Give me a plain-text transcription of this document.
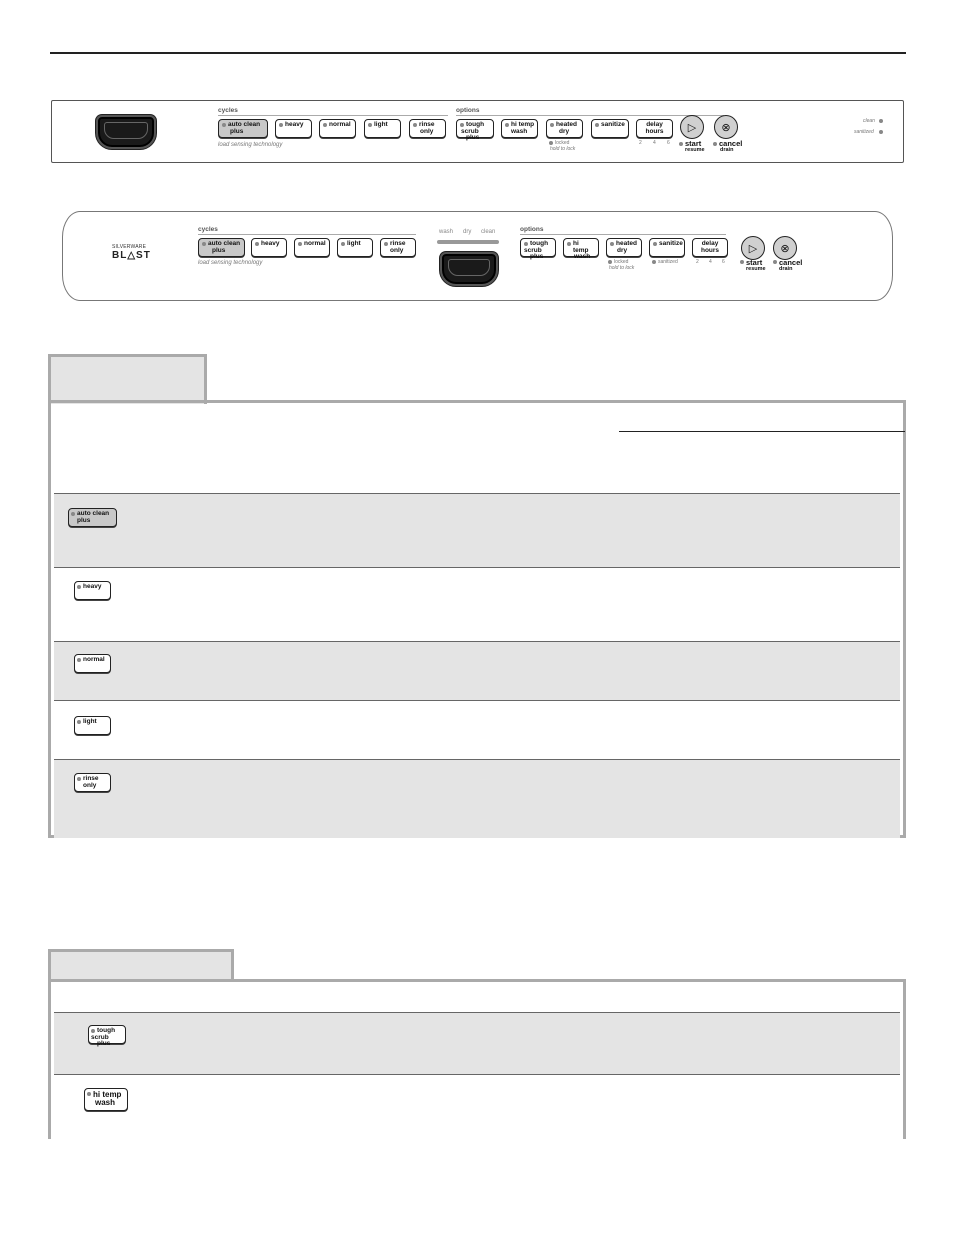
cycles	options
auto clean
plus
heavy	normal	light	rinse
only
load sensing technology
tough
scrub plus
hi temp
wash
heated
dry
locked
hold to lock
sanitize	delay
hours
2 4 6
▷
start
resume
⊗
cancel
drain
clean
sanitized
SILVERWARE
BL△ST
cycles
auto clean
plus
heavy	normal	light	rinse
only
load sensing technology
wash dry clean	options
tough
scrub plus
hi temp
wash
heated
dry
locked
hold to lock
sanitize
sanitized
delay
hours
2 4 6
▷
start
resume
⊗
cancel
drain
auto clean
plus
heavy
normal
light
rinse
only
tough
scrub plus
hi temp
wash
